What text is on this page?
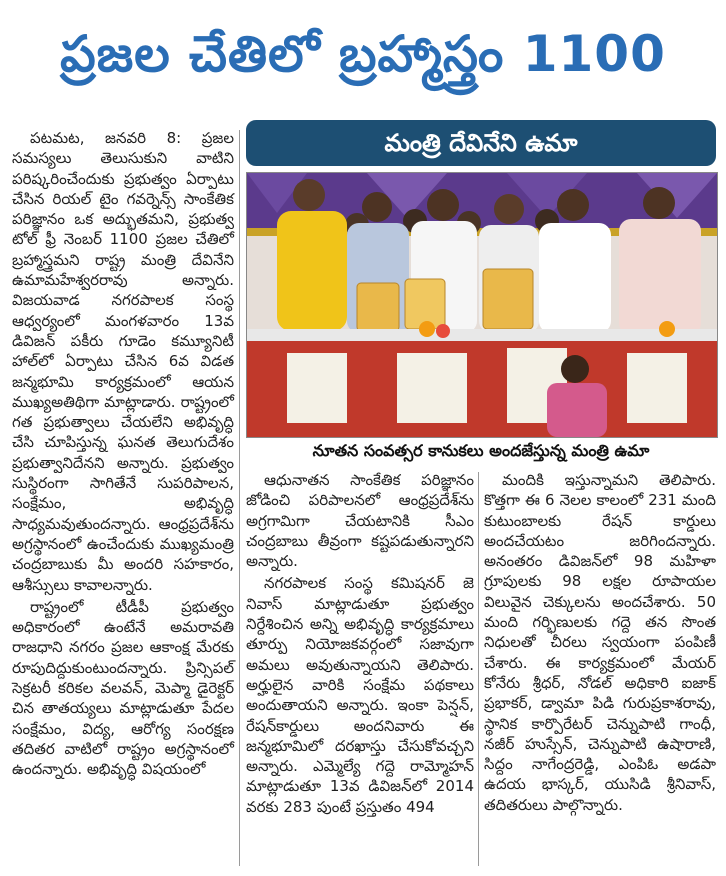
ప్రజల చేతిలో బ్రహ్మాస్త్రం 1100
మంత్రి దేవినేని ఉమా

పటమట, జనవరి 8: ప్రజల సమస్యలు తెలుసుకుని వాటిని పరిష్కరించేందుకు ప్రభుత్వం ఏర్పాటు చేసిన రియల్ టైం గవర్నెన్స్ సాంకేతిక పరిజ్ఞానం ఒక అద్భుతమని, ప్రభుత్వ టోల్ ఫ్రీ నెంబర్ 1100 ప్రజల చేతిలో బ్రహ్మాస్త్రమని రాష్ట్ర మంత్రి దేవినేని ఉమామహేశ్వరరావు అన్నారు. విజయవాడ నగరపాలక సంస్థ ఆధ్వర్యంలో మంగళవారం 13వ డివిజన్ పకీరు గూడెం కమ్యూనిటీ హాల్‌లో ఏర్పాటు చేసిన 6వ విడత జన్మభూమి కార్యక్రమంలో ఆయన ముఖ్యఅతిథిగా మాట్లాడారు. రాష్ట్రంలో గత ప్రభుత్వాలు చేయలేని అభివృద్ధి చేసి చూపిస్తున్న ఘనత తెలుగుదేశం ప్రభుత్వానిదేనని అన్నారు. ప్రభుత్వం సుస్థిరంగా సాగితేనే సుపరిపాలన, సంక్షేమం, అభివృద్ధి సాధ్యమవుతుందన్నారు. ఆంధ్రప్రదేశ్‌ను అగ్రస్థానంలో ఉంచేందుకు ముఖ్యమంత్రి చంద్రబాబుకు మీ అందరి సహకారం, ఆశీస్సులు కావాలన్నారు.

రాష్ట్రంలో టీడీపీ ప్రభుత్వం అధికారంలో ఉంటేనే అమరావతి రాజధాని నగరం ప్రజల ఆకాంక్ష మేరకు రూపుదిద్దుకుంటుందన్నారు. ప్రిన్సిపల్ సెక్రటరీ కరికల వలవన్, మెప్మా డైరెక్టర్ చిన తాతయ్యలు మాట్లాడుతూ పేదల సంక్షేమం, విద్య, ఆరోగ్య సంరక్షణ తదితర వాటిలో రాష్ట్రం అగ్రస్థానంలో ఉందన్నారు. అభివృద్ధి విషయంలో

నూతన సంవత్సర కానుకలు అందజేస్తున్న మంత్రి ఉమా

ఆధునాతన సాంకేతిక పరిజ్ఞానం జోడించి పరిపాలనలో ఆంధ్రప్రదేశ్‌ను అగ్రగామిగా చేయటానికి సీఎం చంద్రబాబు తీవ్రంగా కష్టపడుతున్నారని అన్నారు.

నగరపాలక సంస్థ కమిషనర్ జె నివాస్ మాట్లాడుతూ ప్రభుత్వం నిర్దేశించిన అన్ని అభివృద్ధి కార్యక్రమాలు తూర్పు నియోజకవర్గంలో సజావుగా అమలు అవుతున్నాయని తెలిపారు. అర్హులైన వారికి సంక్షేమ పథకాలు అందుతాయని అన్నారు. ఇంకా పెన్షన్, రేషన్‌కార్డులు అందనివారు ఈ జన్మభూమిలో దరఖాస్తు చేసుకోవచ్చని అన్నారు. ఎమ్మెల్యే గద్దె రామ్మోహన్ మాట్లాడుతూ 13వ డివిజన్‌లో 2014 వరకు 283 పుంటే ప్రస్తుతం 494

మందికి ఇస్తున్నామని తెలిపారు. కొత్తగా ఈ 6 నెలల కాలంలో 231 మంది కుటుంబాలకు రేషన్ కార్డులు అందచేయటం జరిగిందన్నారు. అనంతరం డివిజన్‌లో 98 మహిళా గ్రూపులకు 98 లక్షల రూపాయల విలువైన చెక్కులను అందచేశారు. 50 మంది గర్భిణులకు గద్దె తన సొంత నిధులతో చీరలు స్వయంగా పంపిణీ చేశారు. ఈ కార్యక్రమంలో మేయర్ కోనేరు శ్రీధర్, నోడల్ అధికారి ఐజాక్ ప్రభాకర్, డ్వామా పిడి గురుప్రకాశరావు, స్థానిక కార్పొరేటర్ చెన్నుపాటి గాంధీ, నజీర్ హుస్సేన్, చెన్నుపాటి ఉషారాణి, సిద్దం నాగేంద్రరెడ్డి, ఎంపిఓ అడపా ఉదయ భాస్కర్, యుసిడి శ్రీనివాస్, తదితరులు పాల్గొన్నారు.
